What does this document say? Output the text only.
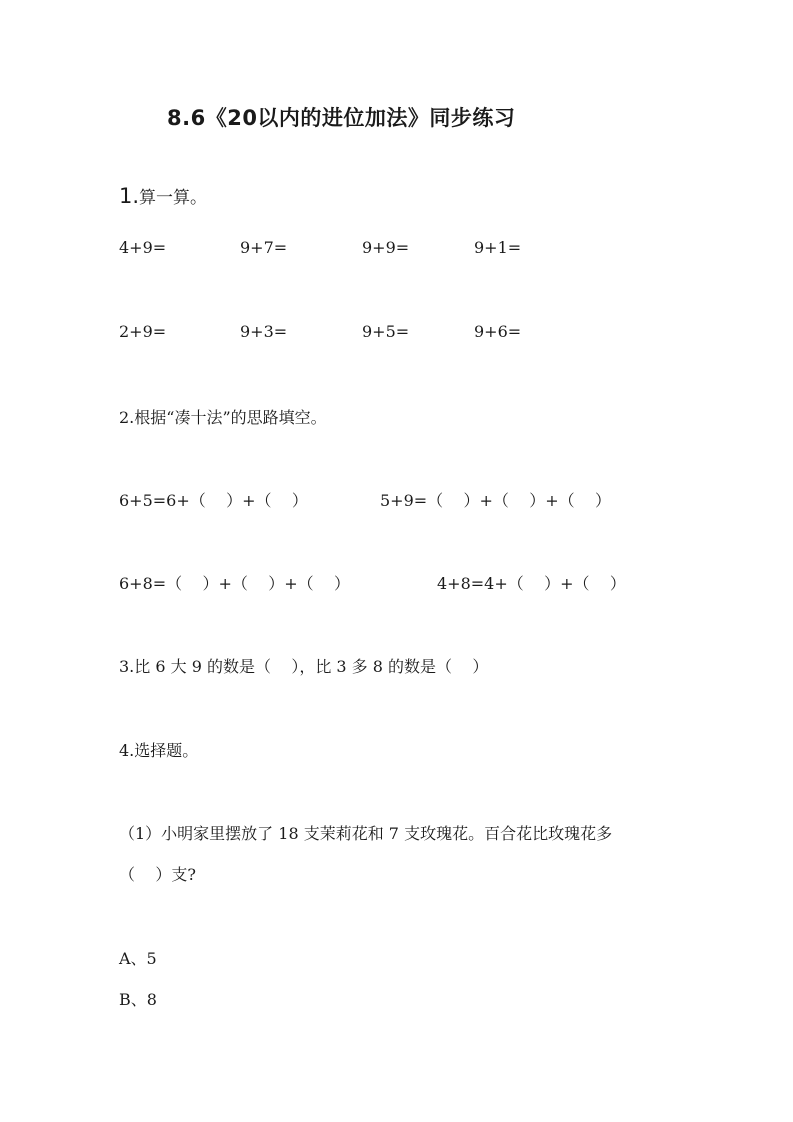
8.6《20以内的进位加法》同步练习
1.算一算。
4+9=	9+7=	9+9=	9+1=
2+9=	9+3=	9+5=	9+6=
2.根据“凑十法”的思路填空。
6+5=6+（    ）+（    ）	5+9=（    ）+（    ）+（    ）
6+8=（    ）+（    ）+（    ）	4+8=4+（    ）+（    ）
3.比 6 大 9 的数是（    ），比 3 多 8 的数是（    ）
4.选择题。
（1）小明家里摆放了 18 支茉莉花和 7 支玫瑰花。百合花比玫瑰花多
（    ）支?
A、5
B、8
